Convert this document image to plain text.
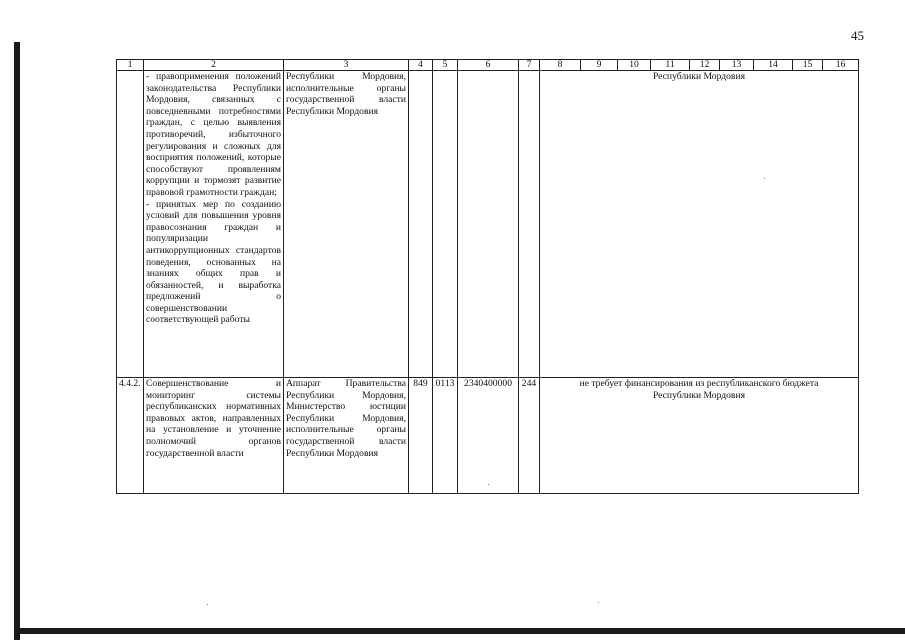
45
1	2	3	4	5	6	7	8	9	10	11	12	13	14	15	16

	- правоприменения положений законодательства Республики Мордовия, связанных с повседневными потребностями граждан, с целью выявления противоречий, избыточного регулирования и сложных для восприятия положений, которые способствуют проявлениям коррупции и тормозят развитие правовой грамотности граждан;
- принятых мер по созданию условий для повышения уровня правосознания граждан и популяризации антикоррупционных стандартов поведения, основанных на знаниях общих прав и обязанностей, и выработка предложений о совершенствовании соответствующей работы	Республики Мордовия, исполнительные органы государственной власти Республики Мордовия					Республики Мордовия								

4.4.2.	Совершенствование и мониторинг системы республиканских нормативных правовых актов, направленных на установление и уточнение полномочий органов государственной власти	Аппарат Правительства Республики Мордовия, Министерство юстиции Республики Мордовия, исполнительные органы государственной власти Республики Мордовия	849	0113	2340400000	244	не требует финансирования из республиканского бюджета
Республики Мордовия								
